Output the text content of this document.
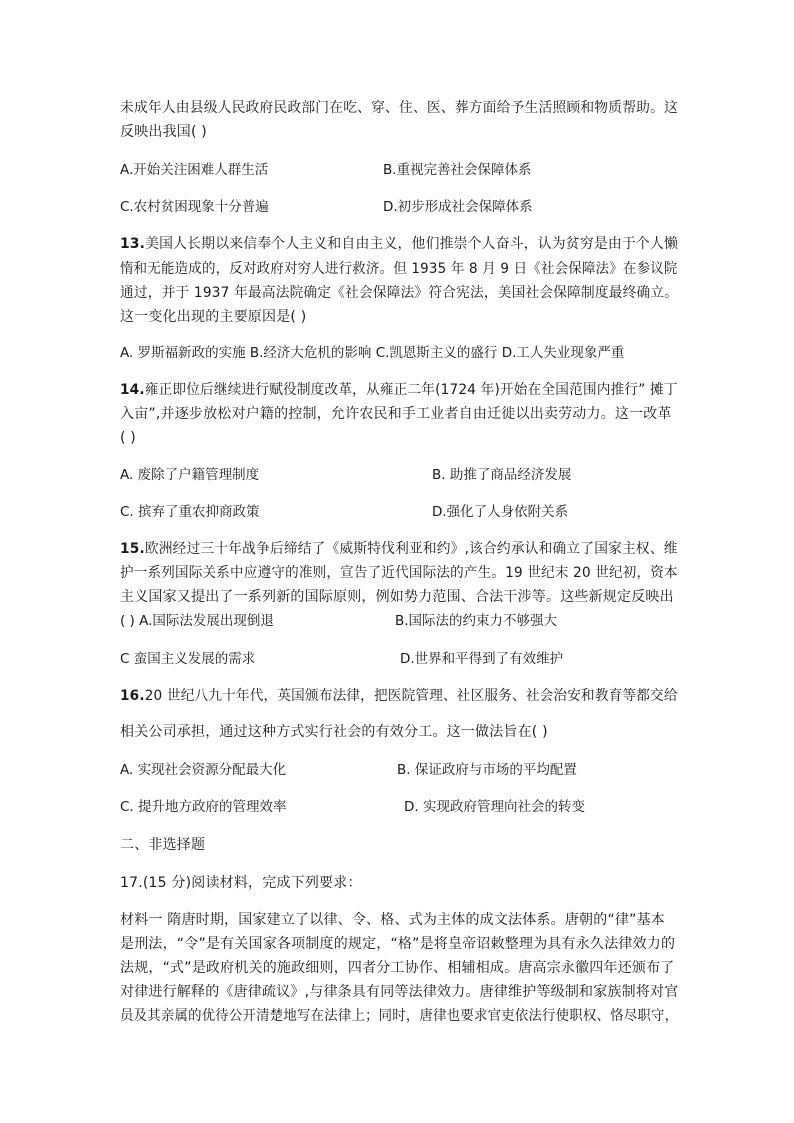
未成年人由县级人民政府民政部门在吃、穿、住、医、葬方面给予生活照顾和物质帮助。这
反映出我国( )
A.开始关注困难人群生活	B.重视完善社会保障体系
C.农村贫困现象十分普遍	D.初步形成社会保障体系
13.美国人长期以来信奉个人主义和自由主义，他们推崇个人奋斗，认为贫穷是由于个人懒
惰和无能造成的，反对政府对穷人进行救济。但 1935 年 8 月 9 日《社会保障法》在参议院
通过，并于 1937 年最高法院确定《社会保障法》符合宪法，美国社会保障制度最终确立。
这一变化出现的主要原因是( )
A. 罗斯福新政的实施 B.经济大危机的影响 C.凯恩斯主义的盛行 D.工人失业现象严重
14.雍正即位后继续进行赋役制度改革，从雍正二年(1724 年)开始在全国范围内推行” 摊丁
入亩”,并逐步放松对户籍的控制，允许农民和手工业者自由迁徙以出卖劳动力。这一改革
( )
A. 废除了户籍管理制度	B. 助推了商品经济发展
C. 摈弃了重农抑商政策	D.强化了人身依附关系
15.欧洲经过三十年战争后缔结了《威斯特伐利亚和约》,该合约承认和确立了国家主权、维
护一系列国际关系中应遵守的准则，宣告了近代国际法的产生。19 世纪末 20 世纪初，资本
主义国家又提出了一系列新的国际原则，例如势力范围、合法干涉等。这些新规定反映出
( ) A.国际法发展出现倒退	B.国际法的约束力不够强大
C 蛮国主义发展的需求	D.世界和平得到了有效维护
16.20 世纪八九十年代，英国颁布法律，把医院管理、社区服务、社会治安和教育等都交给
相关公司承担，通过这种方式实行社会的有效分工。这一做法旨在( )
A. 实现社会资源分配最大化	B. 保证政府与市场的平均配置
C. 提升地方政府的管理效率	D. 实现政府管理向社会的转变
二、非选择题
17.(15 分)阅读材料，完成下列要求：
材料一 隋唐时期，国家建立了以律、令、格、式为主体的成文法体系。唐朝的“律”基本
是刑法，“令”是有关国家各项制度的规定，“格”是将皇帝诏敕整理为具有永久法律效力的
法规，“式”是政府机关的施政细则，四者分工协作、相辅相成。唐高宗永徽四年还颁布了
对律进行解释的《唐律疏议》,与律条具有同等法律效力。唐律维护等级制和家族制将对官
员及其亲属的优待公开清楚地写在法律上；同时，唐律也要求官吏依法行使职权、恪尽职守，
